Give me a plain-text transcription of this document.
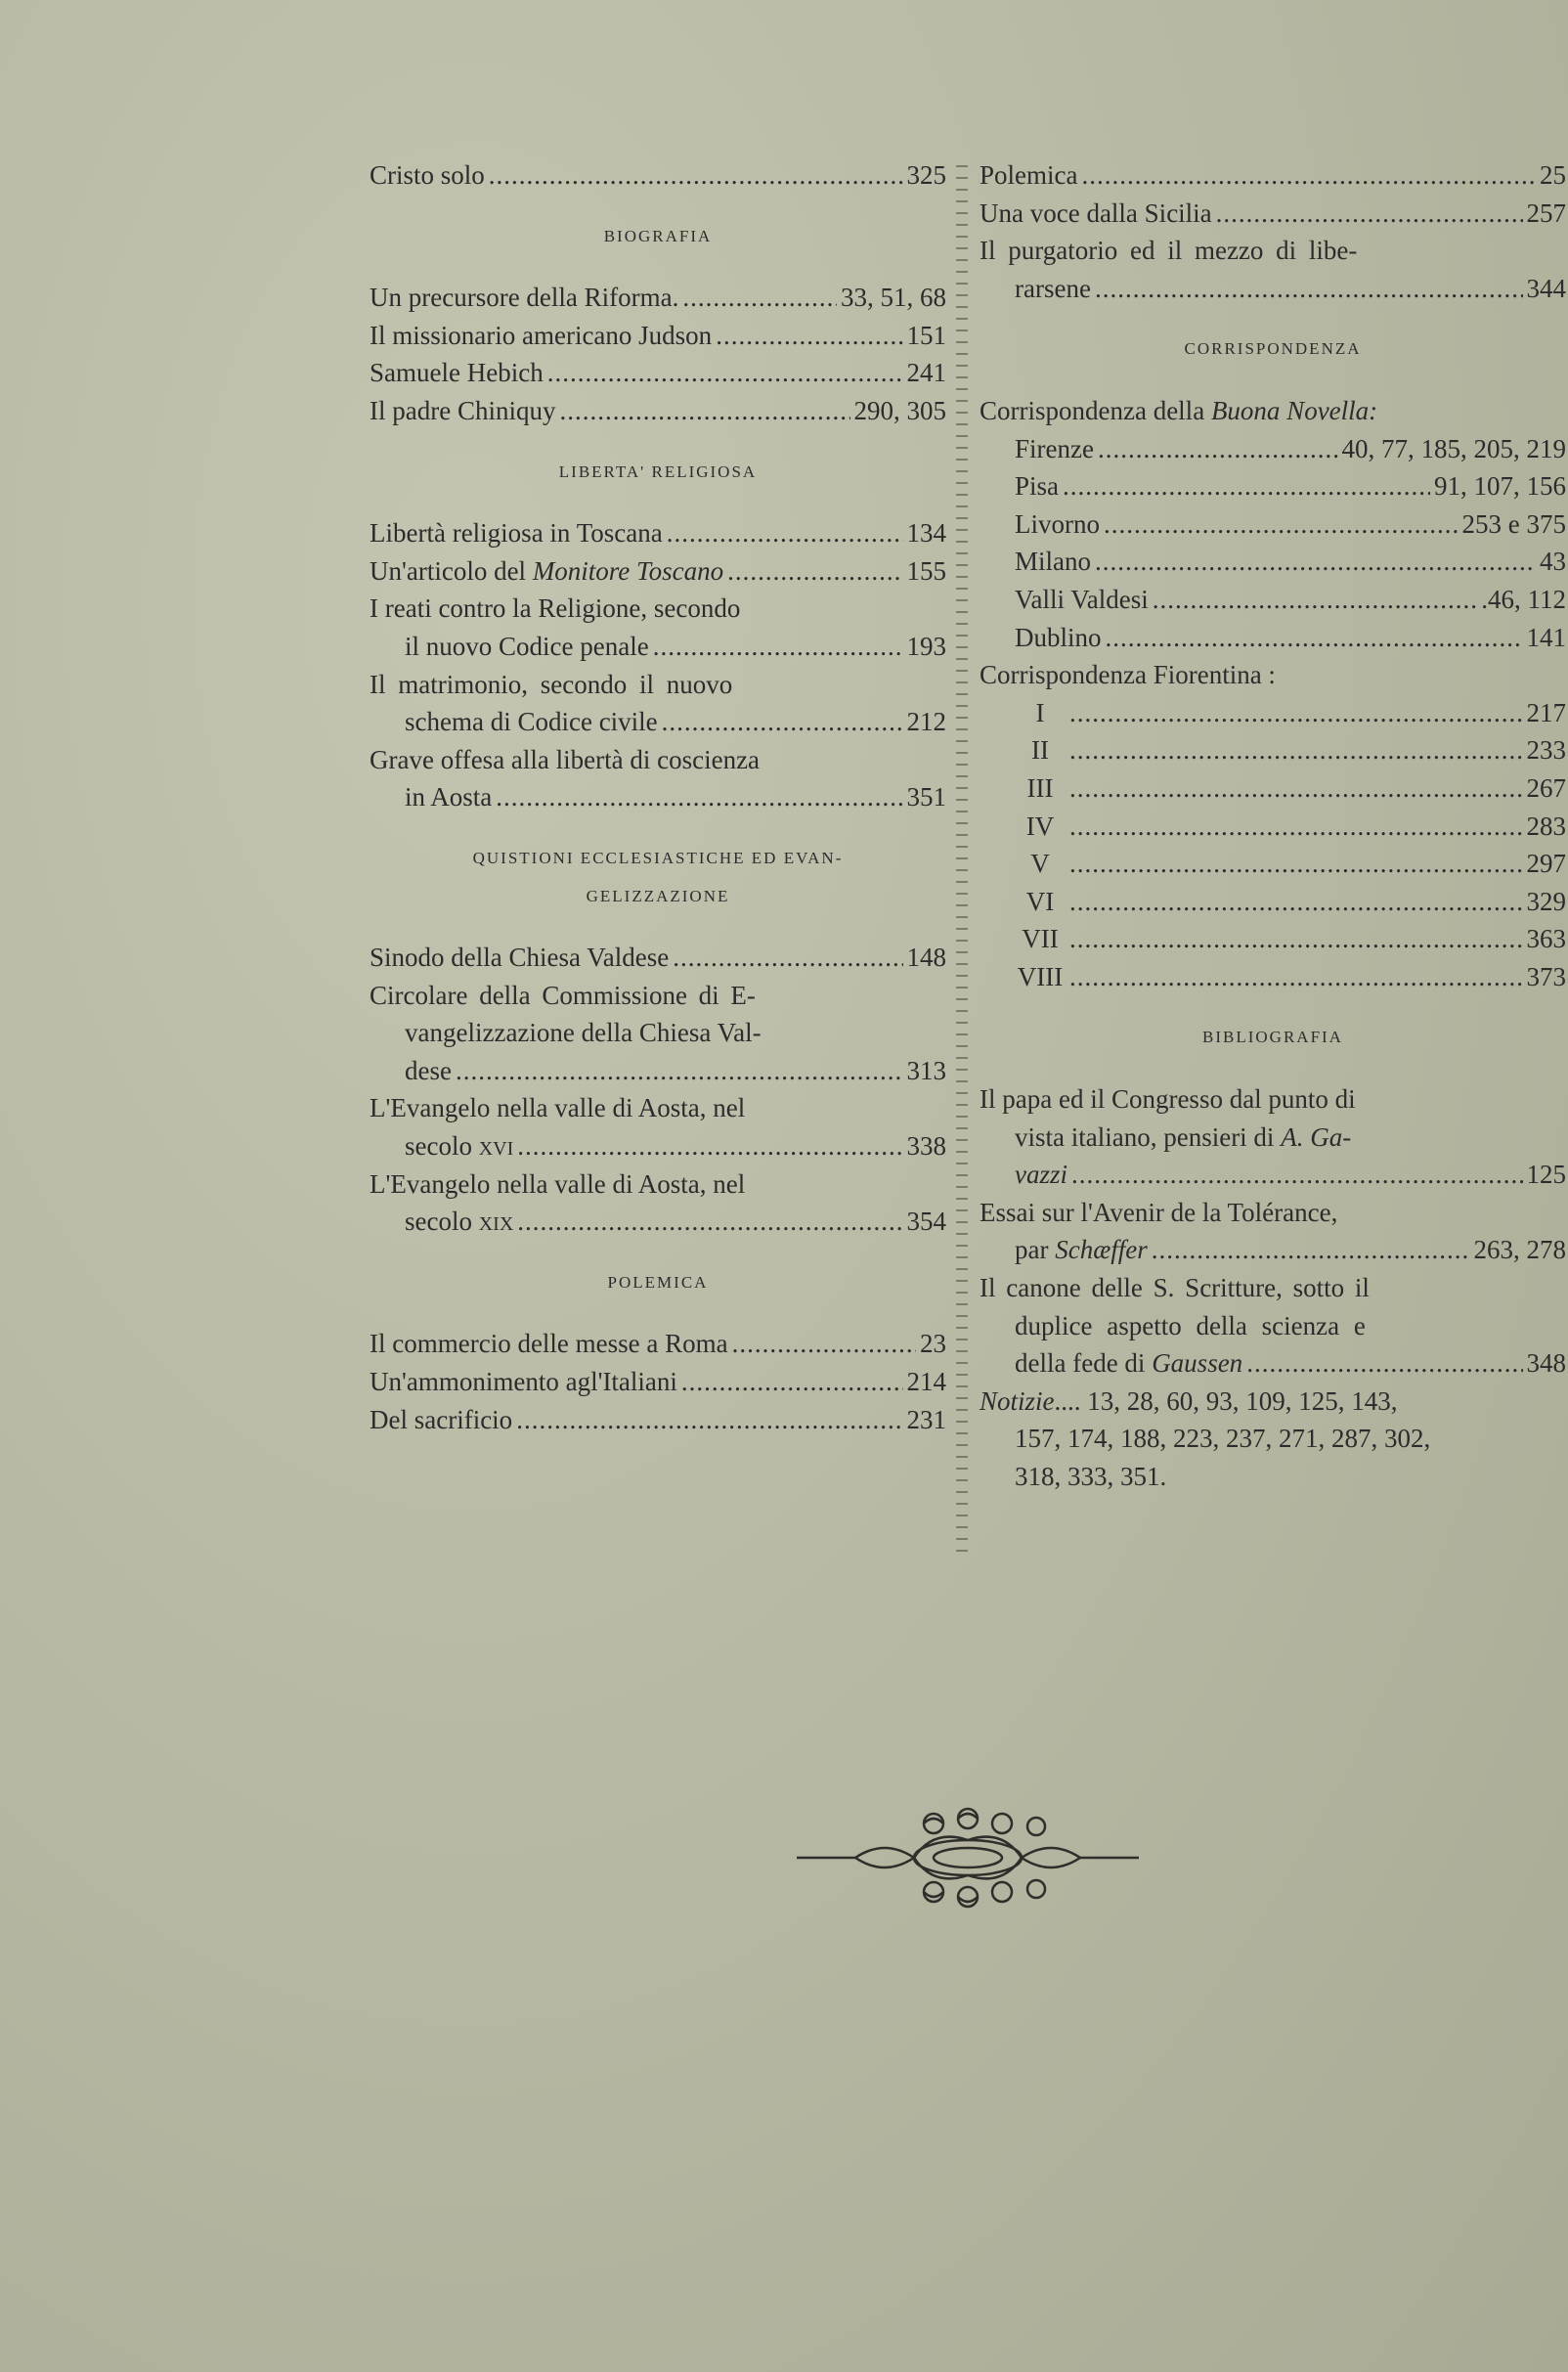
Cristo solo .....	325
BIOGRAFIA
Un precursore della Riforma. .....	33, 51, 68
Il missionario americano Judson .....	151
Samuele Hebich .....	241
Il padre Chiniquy .....	290, 305
LIBERTA' RELIGIOSA
Libertà religiosa in Toscana .....	134
Un'articolo del Monitore Toscano .....	155
I reati contro la Religione, secondo
il nuovo Codice penale .....	193
Il matrimonio, secondo il nuovo
schema di Codice civile .....	212
Grave offesa alla libertà di coscienza
in Aosta .....	351
QUISTIONI ECCLESIASTICHE ED EVAN-
GELIZZAZIONE
Sinodo della Chiesa Valdese .....	148
Circolare della Commissione di E-
vangelizzazione della Chiesa Val-
dese .....	313
L'Evangelo nella valle di Aosta, nel
secolo XVI .....	338
L'Evangelo nella valle di Aosta, nel
secolo XIX .....	354
POLEMICA
Il commercio delle messe a Roma .....	23
Un'ammonimento agl'Italiani .....	214
Del sacrificio .....	231
Polemica .....	25
Una voce dalla Sicilia .....	257
Il purgatorio ed il mezzo di libe-
rarsene .....	344
CORRISPONDENZA
Corrispondenza della Buona Novella:
Firenze .....	40, 77, 185, 205, 219
Pisa .....	91, 107, 156
Livorno .....	253 e 375
Milano .....	43
Valli Valdesi .....	.46, 112
Dublino .....	141
Corrispondenza Fiorentina :
I .....	217
II .....	233
III .....	267
IV .....	283
V .....	297
VI .....	329
VII .....	363
VIII .....	373
BIBLIOGRAFIA
Il papa ed il Congresso dal punto di
vista italiano, pensieri di A. Ga-
vazzi .....	125
Essai sur l'Avenir de la Tolérance,
par Schæffer .....	263, 278
Il canone delle S. Scritture, sotto il
duplice aspetto della scienza e
della fede di Gaussen .....	348
Notizie.... 13, 28, 60, 93, 109, 125, 143,
157, 174, 188, 223, 237, 271, 287, 302,
318, 333, 351.
